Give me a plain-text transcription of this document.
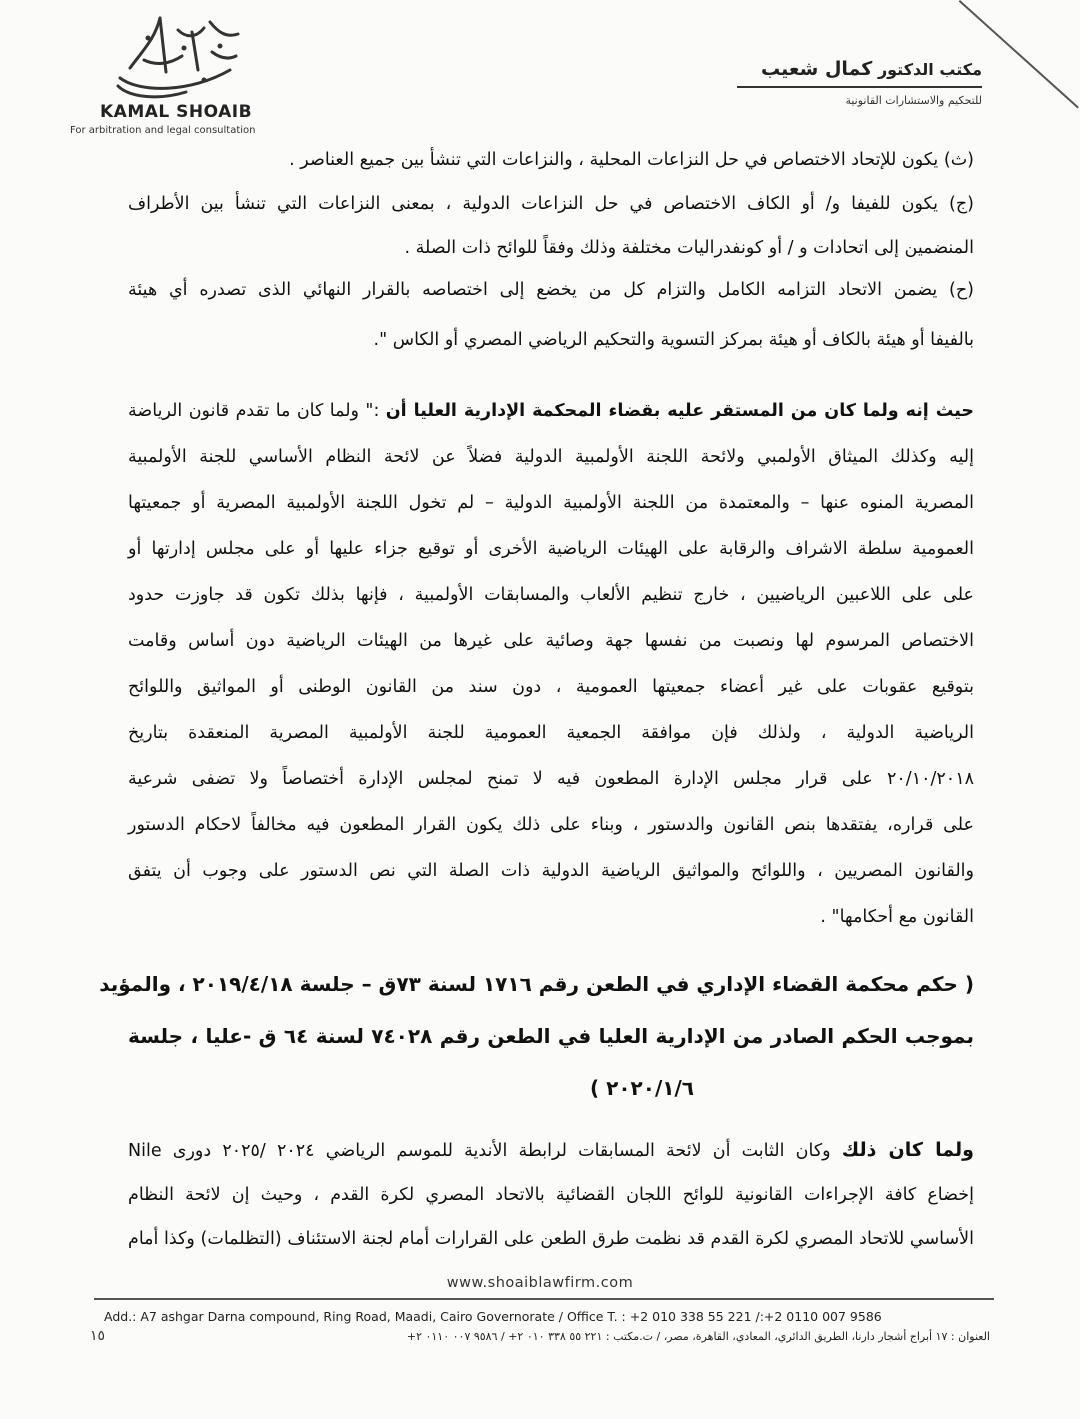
KAMAL SHOAIB
For arbitration and legal consultation
مكتب الدكتور كمال شعيب
للتحكيم والاستشارات القانونية

(ث) يكون للإتحاد الاختصاص في حل النزاعات المحلية ، والنزاعات التي تنشأ بين جميع العناصر .

(ج) يكون للفيفا و/ أو الكاف الاختصاص في حل النزاعات الدولية ، بمعنى النزاعات التي تنشأ بين الأطراف

المنضمين إلى اتحادات و / أو كونفدراليات مختلفة وذلك وفقاً للوائح ذات الصلة .

(ح) يضمن الاتحاد التزامه الكامل والتزام كل من يخضع إلى اختصاصه بالقرار النهائي الذى تصدره أي هيئة

بالفيفا أو هيئة بالكاف أو هيئة بمركز التسوية والتحكيم الرياضي المصري أو الكاس ".

حيث إنه ولما كان من المستقر عليه بقضاء المحكمة الإدارية العليا أن :" ولما كان ما تقدم قانون الرياضة

إليه وكذلك الميثاق الأولمبي ولائحة اللجنة الأولمبية الدولية فضلاً عن لائحة النظام الأساسي للجنة الأولمبية

المصرية المنوه عنها – والمعتمدة من اللجنة الأولمبية الدولية – لم تخول اللجنة الأولمبية المصرية أو جمعيتها

العمومية سلطة الاشراف والرقابة على الهيئات الرياضية الأخرى أو توقيع جزاء عليها أو على مجلس إدارتها أو

على على اللاعبين الرياضيين ، خارج تنظيم الألعاب والمسابقات الأولمبية ، فإنها بذلك تكون قد جاوزت حدود

الاختصاص المرسوم لها ونصبت من نفسها جهة وصائية على غيرها من الهيئات الرياضية دون أساس وقامت

بتوقيع عقوبات على غير أعضاء جمعيتها العمومية ، دون سند من القانون الوطنى أو المواثيق واللوائح

الرياضية الدولية ، ولذلك فإن موافقة الجمعية العمومية للجنة الأولمبية المصرية المنعقدة بتاريخ

٢٠/١٠/٢٠١٨ على قرار مجلس الإدارة المطعون فيه لا تمنح لمجلس الإدارة أختصاصاً ولا تضفى شرعية

على قراره، يفتقدها بنص القانون والدستور ، وبناء على ذلك يكون القرار المطعون فيه مخالفاً لاحكام الدستور

والقانون المصريين ، واللوائح والمواثيق الرياضية الدولية ذات الصلة التي نص الدستور على وجوب أن يتفق

القانون مع أحكامها" .

( حكم محكمة القضاء الإداري في الطعن رقم ١٧١٦ لسنة ٧٣ق – جلسة ٢٠١٩/٤/١٨ ، والمؤيد

بموجب الحكم الصادر من الإدارية العليا في الطعن رقم ٧٤٠٢٨ لسنة ٦٤ ق -عليا ، جلسة

٢٠٢٠/١/٦ )

ولما كان ذلك وكان الثابت أن لائحة المسابقات لرابطة الأندية للموسم الرياضي ٢٠٢٤ /٢٠٢٥ دورى Nile

إخضاع كافة الإجراءات القانونية للوائح اللجان القضائية بالاتحاد المصري لكرة القدم ، وحيث إن لائحة النظام

الأساسي للاتحاد المصري لكرة القدم قد نظمت طرق الطعن على القرارات أمام لجنة الاستئناف (التظلمات) وكذا أمام

www.shoaiblawfirm.com
Add.: A7 ashgar Darna compound, Ring Road, Maadi, Cairo Governorate / Office T. : +2 010 338 55 221 /:+2 0110 007 9586
العنوان : ١٧ أبراج أشجار دارنا، الطريق الدائري، المعادي، القاهرة، مصر، / ت.مكتب : ٢٢١ ٥٥ ٣٣٨ ٠١٠ ٢+ / ٩٥٨٦ ٠٠٧ ٠١١٠ ٢+
١٥
